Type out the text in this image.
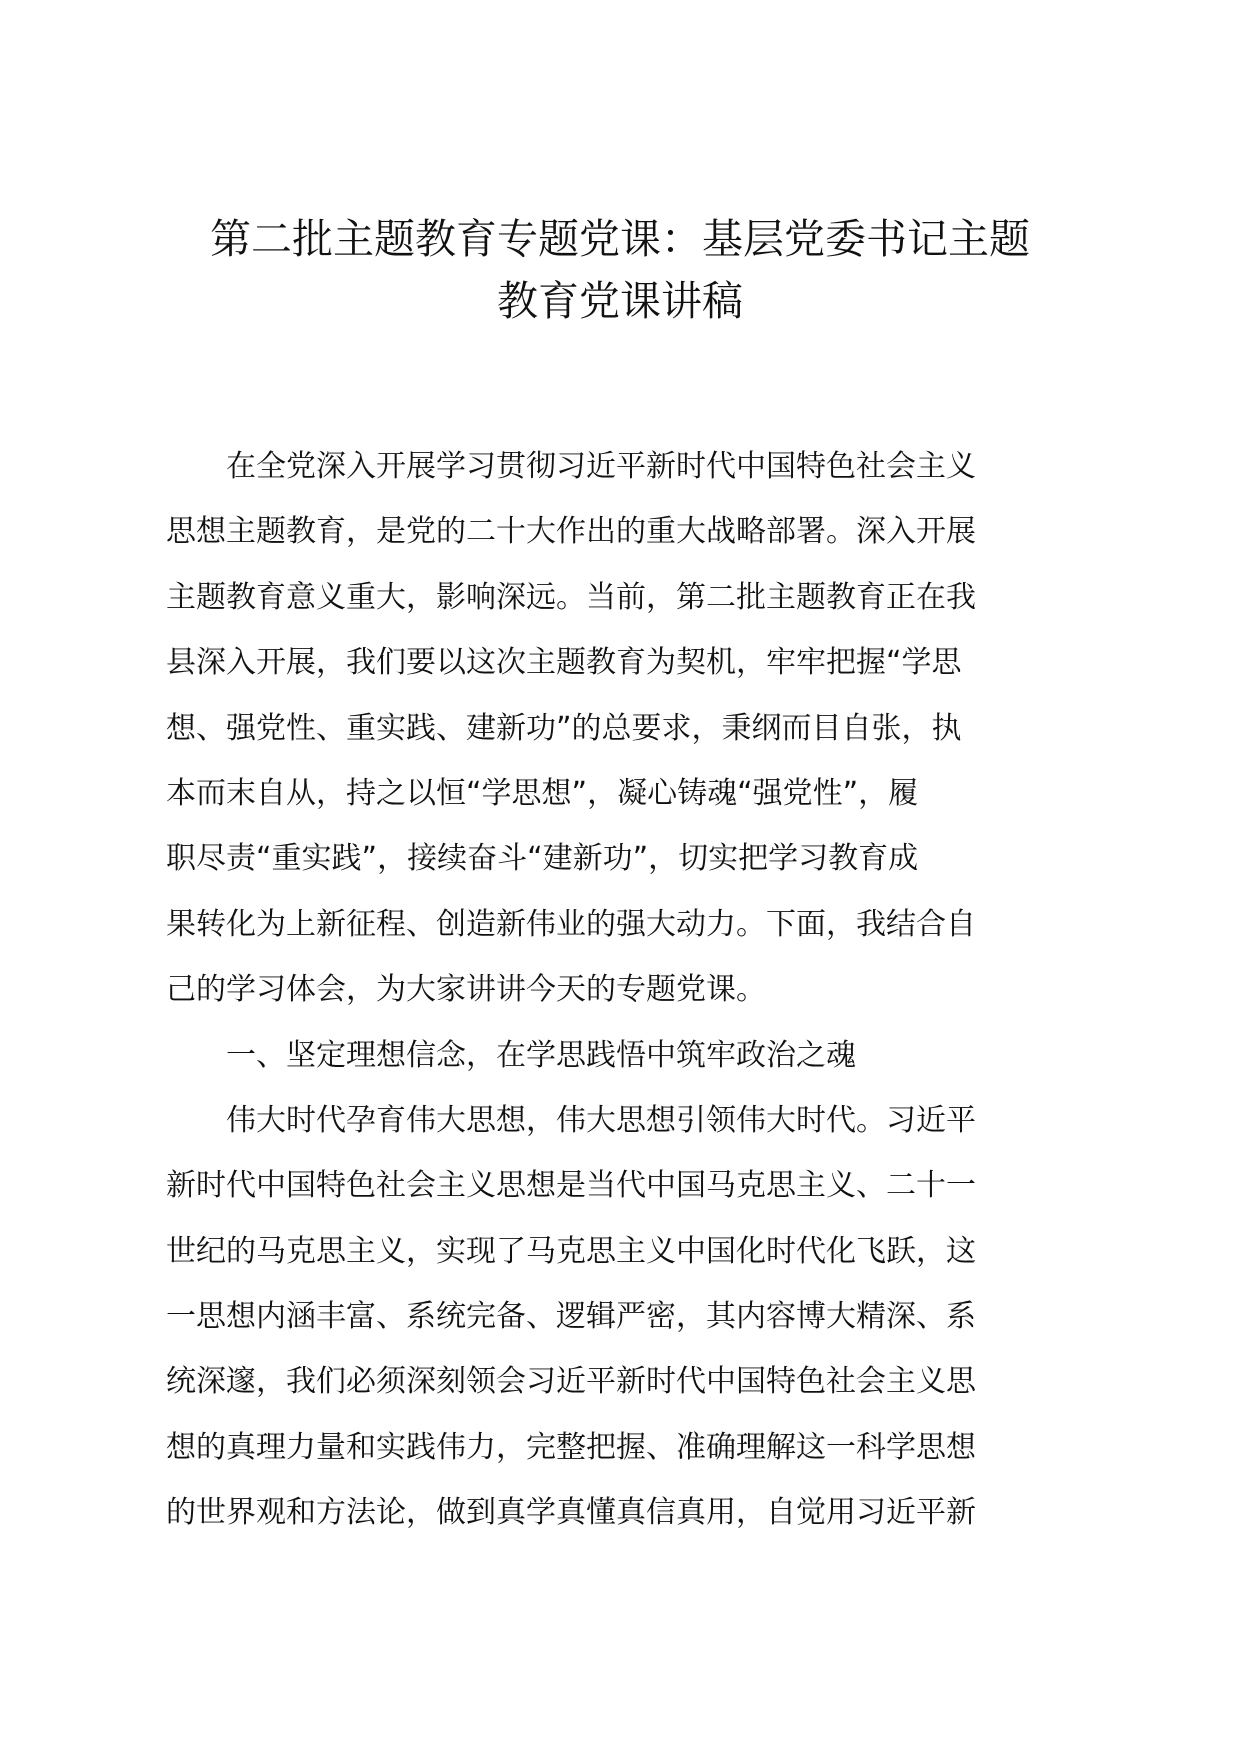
第二批主题教育专题党课：基层党委书记主题
教育党课讲稿
　　在全党深入开展学习贯彻习近平新时代中国特色社会主义
思想主题教育，是党的二十大作出的重大战略部署。深入开展
主题教育意义重大，影响深远。当前，第二批主题教育正在我
县深入开展，我们要以这次主题教育为契机，牢牢把握“学思
想、强党性、重实践、建新功”的总要求，秉纲而目自张，执
本而末自从，持之以恒“学思想”，凝心铸魂“强党性”，履
职尽责“重实践”，接续奋斗“建新功”，切实把学习教育成
果转化为上新征程、创造新伟业的强大动力。下面，我结合自
己的学习体会，为大家讲讲今天的专题党课。
　　一、坚定理想信念，在学思践悟中筑牢政治之魂
　　伟大时代孕育伟大思想，伟大思想引领伟大时代。习近平
新时代中国特色社会主义思想是当代中国马克思主义、二十一
世纪的马克思主义，实现了马克思主义中国化时代化飞跃，这
一思想内涵丰富、系统完备、逻辑严密，其内容博大精深、系
统深邃，我们必须深刻领会习近平新时代中国特色社会主义思
想的真理力量和实践伟力，完整把握、准确理解这一科学思想
的世界观和方法论，做到真学真懂真信真用，自觉用习近平新
